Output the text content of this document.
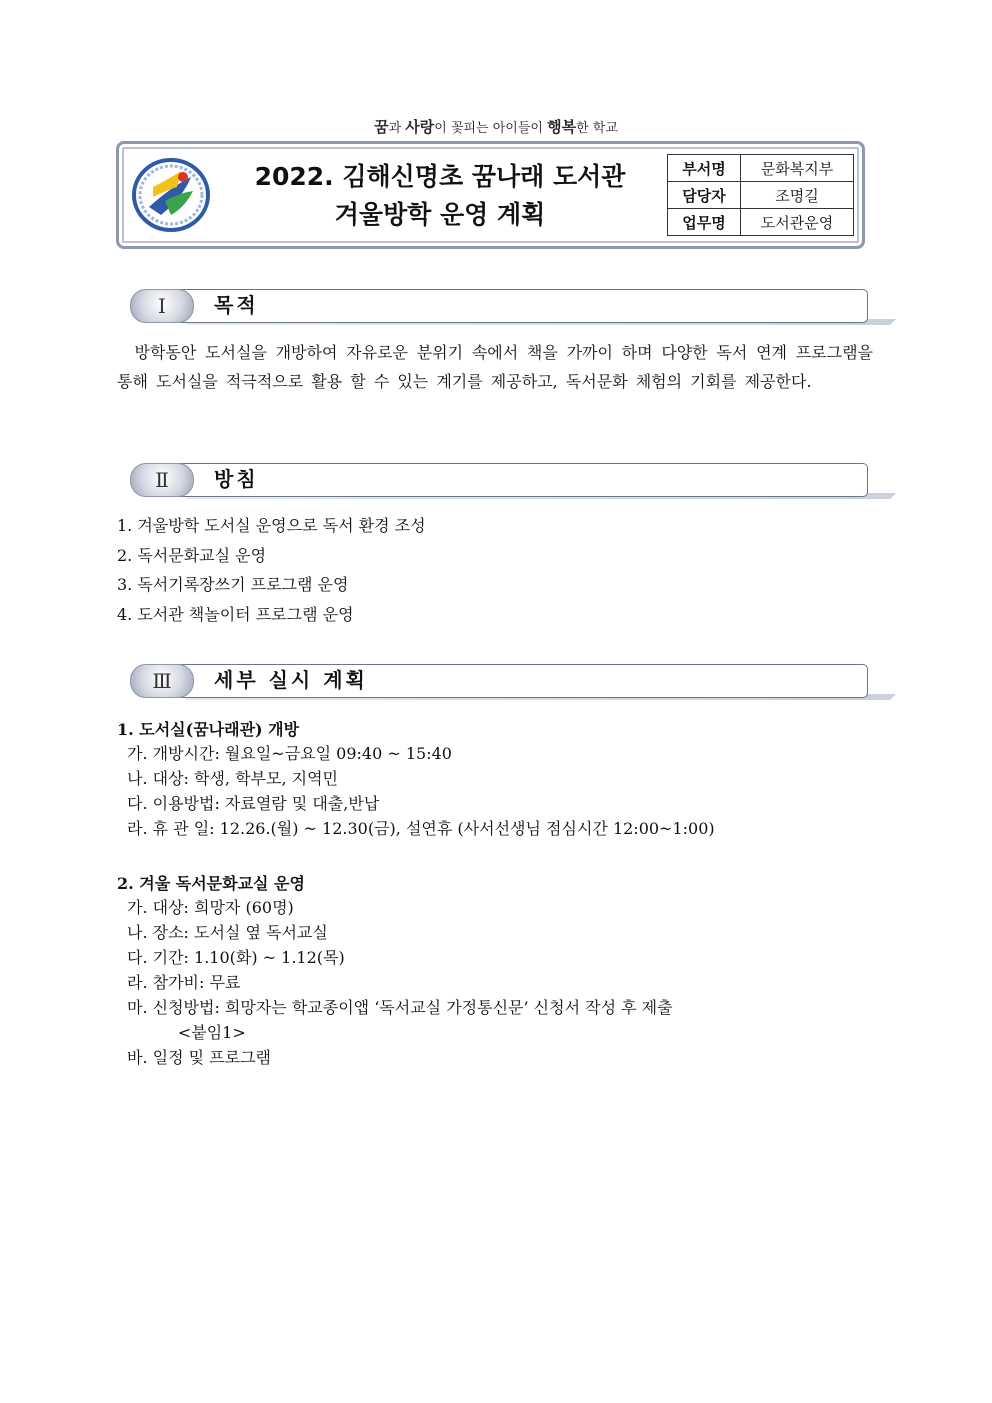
꿈과 사랑이 꽃피는 아이들이 행복한 학교
2022. 김해신명초 꿈나래 도서관
겨울방학 운영 계획
부서명	문화복지부
담당자	조명길
업무명	도서관운영
Ⅰ	목적
방학동안 도서실을 개방하여 자유로운 분위기 속에서 책을 가까이 하며 다양한 독서 연계 프로그램을 통해 도서실을 적극적으로 활용 할 수 있는 계기를 제공하고, 독서문화 체험의 기회를 제공한다.
Ⅱ	방침
1. 겨울방학 도서실 운영으로 독서 환경 조성
2. 독서문화교실 운영
3. 독서기록장쓰기 프로그램 운영
4. 도서관 책놀이터 프로그램 운영
Ⅲ	세부 실시 계획
1. 도서실(꿈나래관) 개방
가. 개방시간: 월요일~금요일 09:40 ~ 15:40
나. 대상: 학생, 학부모, 지역민
다. 이용방법: 자료열람 및 대출,반납
라. 휴 관 일: 12.26.(월) ~ 12.30(금), 설연휴 (사서선생님 점심시간 12:00~1:00)
2. 겨울 독서문화교실 운영
가. 대상: 희망자 (60명)
나. 장소: 도서실 옆 독서교실
다. 기간: 1.10(화) ~ 1.12(목)
라. 참가비: 무료
마. 신청방법: 희망자는 학교종이앱 ‘독서교실 가정통신문’ 신청서 작성 후 제출
<붙임1>
바. 일정 및 프로그램
